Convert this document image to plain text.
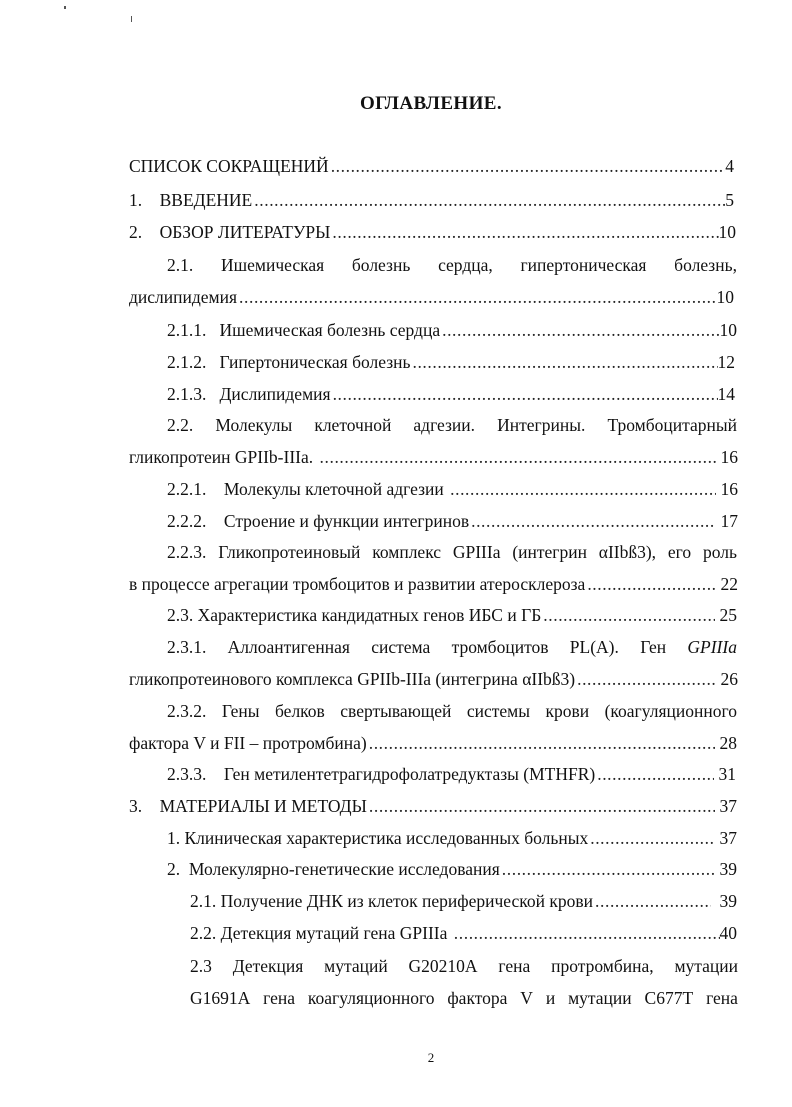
ОГЛАВЛЕНИЕ.
СПИСОК СОКРАЩЕНИЙ .....	4
1.    ВВЕДЕНИЕ .....	5
2.    ОБЗОР ЛИТЕРАТУРЫ .....	10
2.1. Ишемическая болезнь сердца, гипертоническая болезнь,
дислипидемия .....	10
2.1.1.   Ишемическая болезнь сердца .....	10
2.1.2.   Гипертоническая болезнь .....	12
2.1.3.   Дислипидемия .....	14
2.2. Молекулы клеточной адгезии. Интегрины. Тромбоцитарный
гликопротеин GPIIb-IIIa. .....	16
2.2.1.    Молекулы клеточной адгезии .....	16
2.2.2.    Строение и функции интегринов .....	17
2.2.3. Гликопротеиновый комплекс GPIIIa (интегрин αIIbß3), его роль
в процессе агрегации тромбоцитов и развитии атеросклероза .....	22
2.3. Характеристика кандидатных генов ИБС и ГБ .....	25
2.3.1. Аллоантигенная система тромбоцитов PL(A). Ген GPIIIa
гликопротеинового комплекса GPIIb-IIIa (интегрина αIIbß3) .....	26
2.3.2. Гены белков свертывающей системы крови (коагуляционного
фактора V и FII – протромбина) .....	28
2.3.3.    Ген метилентетрагидрофолатредуктазы (MTHFR) .....	31
3.    МАТЕРИАЛЫ И МЕТОДЫ .....	37
1. Клиническая характеристика исследованных больных .....	37
2.  Молекулярно-генетические исследования .....	39
2.1. Получение ДНК из клеток периферической крови .....	39
2.2. Детекция мутаций гена GPIIIa .....	40
2.3 Детекция мутаций G20210A гена протромбина, мутации
G1691A гена коагуляционного фактора V и мутации C677T гена
2
